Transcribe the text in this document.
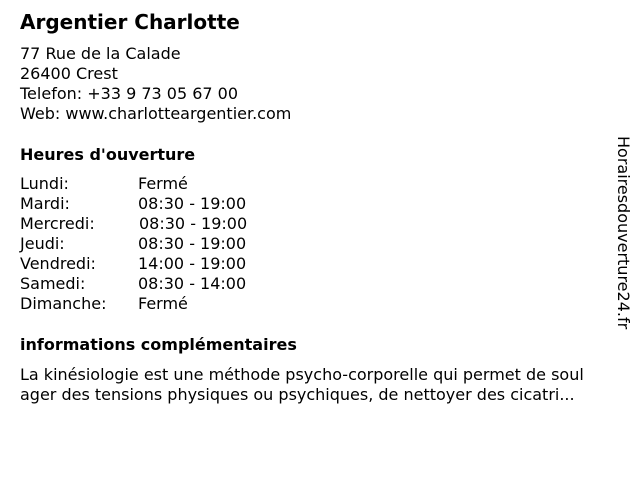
Argentier Charlotte
77 Rue de la Calade
26400 Crest
Telefon: +33 9 73 05 67 00
Web: www.charlotteargentier.com
Heures d'ouverture
Lundi:	Fermé
Mardi:	08:30 - 19:00
Mercredi:	08:30 - 19:00
Jeudi:	08:30 - 19:00
Vendredi:	14:00 - 19:00
Samedi:	08:30 - 14:00
Dimanche: Fermé
informations complémentaires
La kinésiologie est une méthode psycho-corporelle qui permet de soul
ager des tensions physiques ou psychiques, de nettoyer des cicatri...
Horairesdouverture24.fr
